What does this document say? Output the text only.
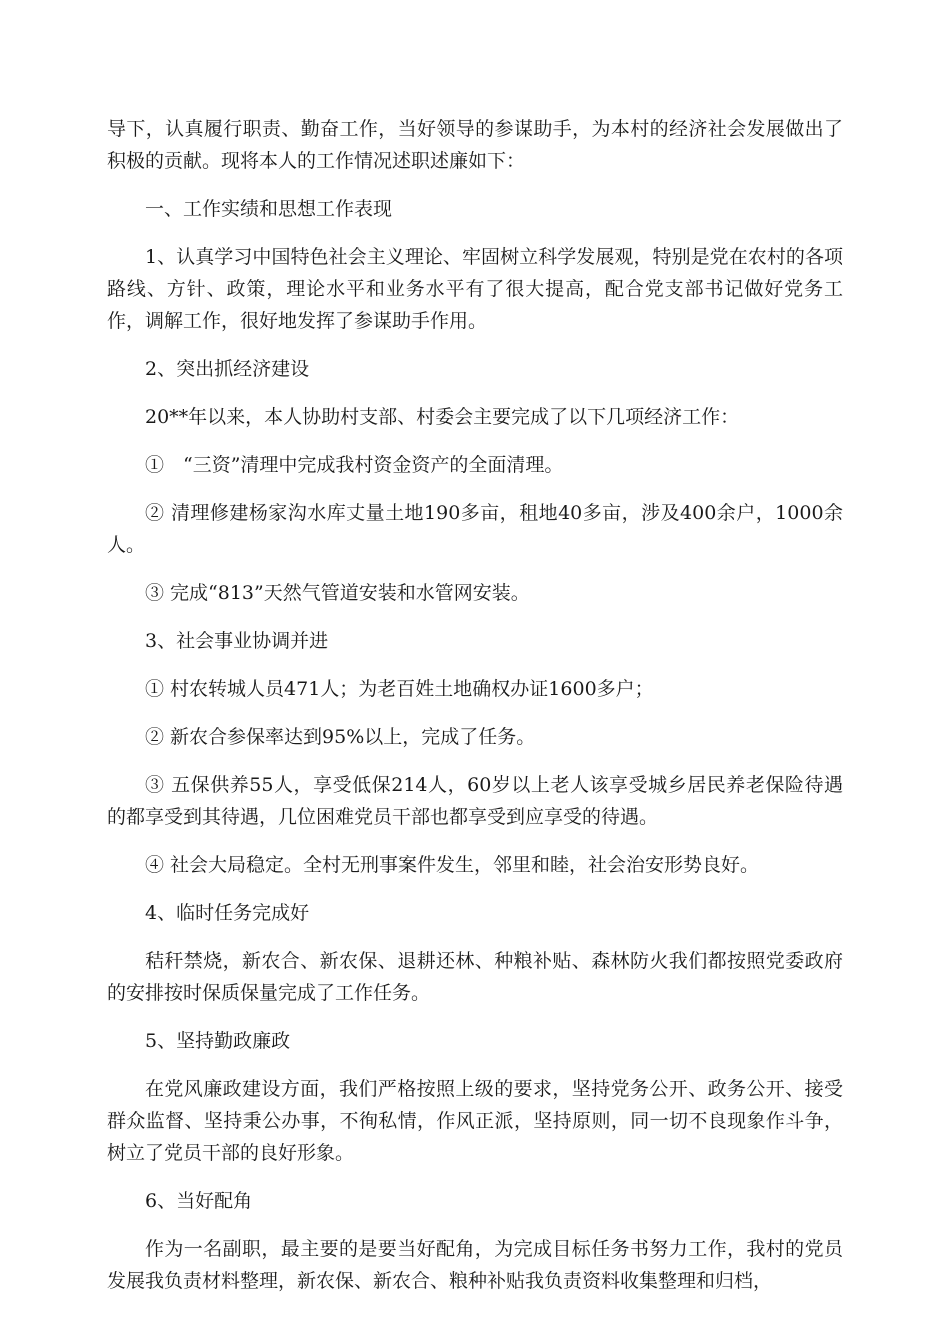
导下，认真履行职责、勤奋工作，当好领导的参谋助手，为本村的经济社会发展做出了积极的贡献。现将本人的工作情况述职述廉如下：

一、工作实绩和思想工作表现

1、认真学习中国特色社会主义理论、牢固树立科学发展观，特别是党在农村的各项路线、方针、政策，理论水平和业务水平有了很大提高，配合党支部书记做好党务工作，调解工作，很好地发挥了参谋助手作用。

2、突出抓经济建设

20**年以来，本人协助村支部、村委会主要完成了以下几项经济工作：

①　“三资”清理中完成我村资金资产的全面清理。

② 清理修建杨家沟水库丈量土地190多亩，租地40多亩，涉及400余户，1000余人。

③ 完成“813”天然气管道安装和水管网安装。

3、社会事业协调并进

① 村农转城人员471人；为老百姓土地确权办证1600多户；

② 新农合参保率达到95%以上，完成了任务。

③ 五保供养55人，享受低保214人，60岁以上老人该享受城乡居民养老保险待遇的都享受到其待遇，几位困难党员干部也都享受到应享受的待遇。

④ 社会大局稳定。全村无刑事案件发生，邻里和睦，社会治安形势良好。

4、临时任务完成好

秸秆禁烧，新农合、新农保、退耕还林、种粮补贴、森林防火我们都按照党委政府的安排按时保质保量完成了工作任务。

5、坚持勤政廉政

在党风廉政建设方面，我们严格按照上级的要求，坚持党务公开、政务公开、接受群众监督、坚持秉公办事，不徇私情，作风正派，坚持原则，同一切不良现象作斗争，树立了党员干部的良好形象。

6、当好配角

作为一名副职，最主要的是要当好配角，为完成目标任务书努力工作，我村的党员发展我负责材料整理，新农保、新农合、粮种补贴我负责资料收集整理和归档，
